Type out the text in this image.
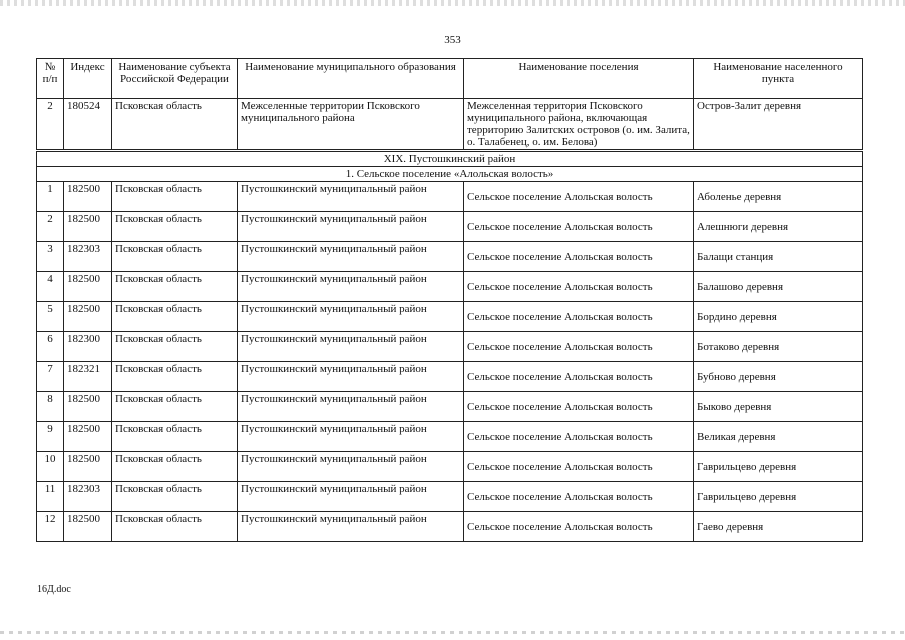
353
№ п/п	Индекс	Наименование субъекта Российской Федерации	Наименование муниципального образования	Наименование поселения	Наименование населенного пункта
2	180524	Псковская область	Межселенные территории Псковского муниципального района	Межселенная территория Псковского муниципального района, включающая территорию Залитских островов (о. им. Залита, о. Талабенец, о. им. Белова)	Остров-Залит деревня
XIX. Пустошкинский район					
1. Сельское поселение «Алольская волость»					
1	182500	Псковская область	Пустошкинский муниципальный район	Сельское поселение Алольская волость	Аболенье деревня
2	182500	Псковская область	Пустошкинский муниципальный район	Сельское поселение Алольская волость	Алешнюги деревня
3	182303	Псковская область	Пустошкинский муниципальный район	Сельское поселение Алольская волость	Балащи станция
4	182500	Псковская область	Пустошкинский муниципальный район	Сельское поселение Алольская волость	Балашово деревня
5	182500	Псковская область	Пустошкинский муниципальный район	Сельское поселение Алольская волость	Бордино деревня
6	182300	Псковская область	Пустошкинский муниципальный район	Сельское поселение Алольская волость	Ботаково деревня
7	182321	Псковская область	Пустошкинский муниципальный район	Сельское поселение Алольская волость	Бубново деревня
8	182500	Псковская область	Пустошкинский муниципальный район	Сельское поселение Алольская волость	Быково деревня
9	182500	Псковская область	Пустошкинский муниципальный район	Сельское поселение Алольская волость	Великая деревня
10	182500	Псковская область	Пустошкинский муниципальный район	Сельское поселение Алольская волость	Гаврильцево деревня
11	182303	Псковская область	Пустошкинский муниципальный район	Сельское поселение Алольская волость	Гаврильцево деревня
12	182500	Псковская область	Пустошкинский муниципальный район	Сельское поселение Алольская волость	Гаево деревня
16Д.doc
